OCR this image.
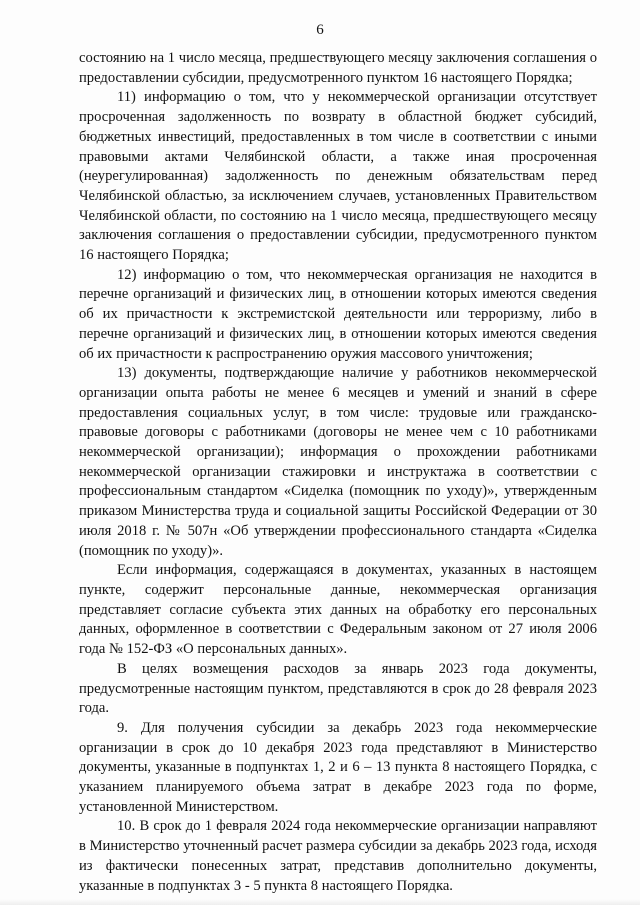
6

состоянию на 1 число месяца, предшествующего месяцу заключения соглашения о предоставлении субсидии, предусмотренного пунктом 16 настоящего Порядка;

11) информацию о том, что у некоммерческой организации отсутствует просроченная задолженность по возврату в областной бюджет субсидий, бюджетных инвестиций, предоставленных в том числе в соответствии с иными правовыми актами Челябинской области, а также иная просроченная (неурегулированная) задолженность по денежным обязательствам перед Челябинской областью, за исключением случаев, установленных Правительством Челябинской области, по состоянию на 1 число месяца, предшествующего месяцу заключения соглашения о предоставлении субсидии, предусмотренного пунктом 16 настоящего Порядка;

12) информацию о том, что некоммерческая организация не находится в перечне организаций и физических лиц, в отношении которых имеются сведения об их причастности к экстремистской деятельности или терроризму, либо в перечне организаций и физических лиц, в отношении которых имеются сведения об их причастности к распространению оружия массового уничтожения;

13) документы, подтверждающие наличие у работников некоммерческой организации опыта работы не менее 6 месяцев и умений и знаний в сфере предоставления социальных услуг, в том числе: трудовые или гражданско-правовые договоры с работниками (договоры не менее чем с 10 работниками некоммерческой организации); информация о прохождении работниками некоммерческой организации стажировки и инструктажа в соответствии с профессиональным стандартом «Сиделка (помощник по уходу)», утвержденным приказом Министерства труда и социальной защиты Российской Федерации от 30 июля 2018 г. № 507н «Об утверждении профессионального стандарта «Сиделка (помощник по уходу)».

Если информация, содержащаяся в документах, указанных в настоящем пункте, содержит персональные данные, некоммерческая организация представляет согласие субъекта этих данных на обработку его персональных данных, оформленное в соответствии с Федеральным законом от 27 июля 2006 года № 152-ФЗ «О персональных данных».

В целях возмещения расходов за январь 2023 года документы, предусмотренные настоящим пунктом, представляются в срок до 28 февраля 2023 года.

9. Для получения субсидии за декабрь 2023 года некоммерческие организации в срок до 10 декабря 2023 года представляют в Министерство документы, указанные в подпунктах 1, 2 и 6 – 13 пункта 8 настоящего Порядка, с указанием планируемого объема затрат в декабре 2023 года по форме, установленной Министерством.

10. В срок до 1 февраля 2024 года некоммерческие организации направляют в Министерство уточненный расчет размера субсидии за декабрь 2023 года, исходя из фактически понесенных затрат, представив дополнительно документы, указанные в подпунктах 3 - 5 пункта 8 настоящего Порядка.
